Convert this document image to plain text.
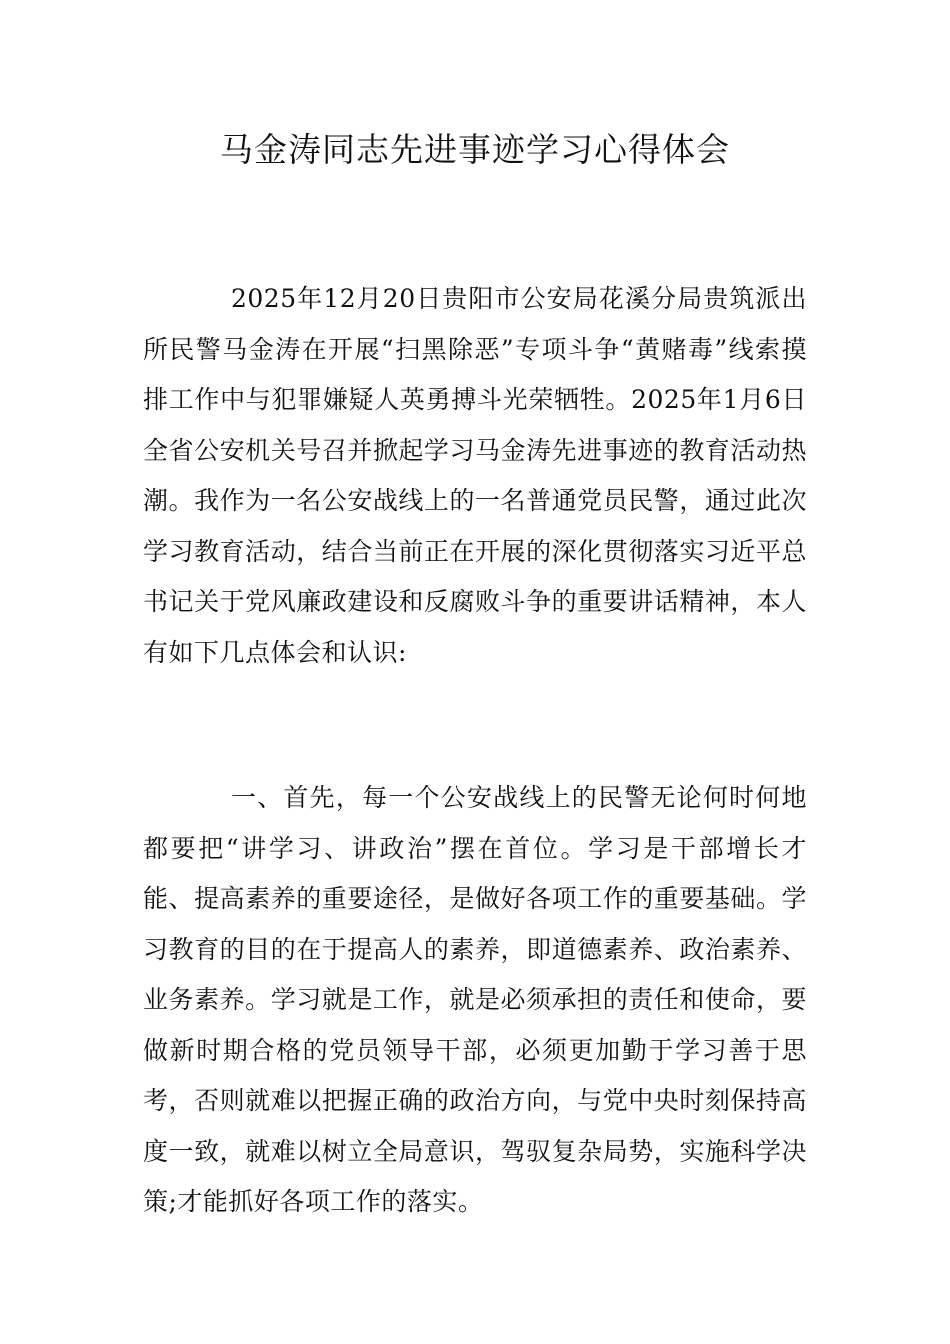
马金涛同志先进事迹学习心得体会

2025年12月20日贵阳市公安局花溪分局贵筑派出所民警马金涛在开展“扫黑除恶”专项斗争“黄赌毒”线索摸排工作中与犯罪嫌疑人英勇搏斗光荣牺牲。2025年1月6日全省公安机关号召并掀起学习马金涛先进事迹的教育活动热潮。我作为一名公安战线上的一名普通党员民警，通过此次学习教育活动，结合当前正在开展的深化贯彻落实习近平总书记关于党风廉政建设和反腐败斗争的重要讲话精神，本人有如下几点体会和认识:

一、首先，每一个公安战线上的民警无论何时何地都要把“讲学习、讲政治”摆在首位。学习是干部增长才能、提高素养的重要途径，是做好各项工作的重要基础。学习教育的目的在于提高人的素养，即道德素养、政治素养、业务素养。学习就是工作，就是必须承担的责任和使命，要做新时期合格的党员领导干部，必须更加勤于学习善于思考，否则就难以把握正确的政治方向，与党中央时刻保持高度一致，就难以树立全局意识，驾驭复杂局势，实施科学决策;才能抓好各项工作的落实。
